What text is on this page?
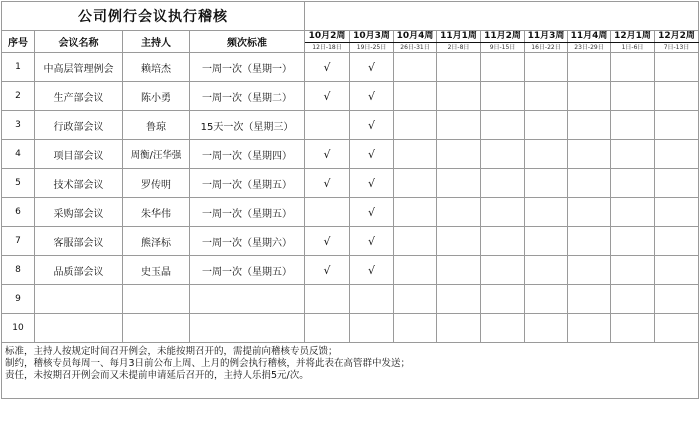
公司例行会议执行稽核												
序号	会议名称	主持人	频次标准	10月2周	10月3周	10月4周	11月1周	11月2周	11月3周	11月4周	12月1周	12月2周
				12日-18日	19日-25日	26日-31日	2日-8日	9日-15日	16日-22日	23日-29日	1日-6日	7日-13日
1	中高层管理例会	赖培杰	一周一次（星期一）	√	√							
2	生产部会议	陈小勇	一周一次（星期二）	√	√							
3	行政部会议	鲁琼	15天一次（星期三）		√							
4	项目部会议	周衡/汪华强	一周一次（星期四）	√	√							
5	技术部会议	罗传明	一周一次（星期五）	√	√							
6	采购部会议	朱华伟	一周一次（星期五）		√							
7	客服部会议	熊泽标	一周一次（星期六）	√	√							
8	品质部会议	史玉晶	一周一次（星期五）	√	√							
9												
10												

标准，主持人按规定时间召开例会，未能按期召开的，需提前向稽核专员反馈；
制约，稽核专员每周一、每月3日前公布上周、上月的例会执行稽核，并将此表在高管群中发送；
责任，未按期召开例会而又未提前申请延后召开的，主持人乐捐5元/次。												
